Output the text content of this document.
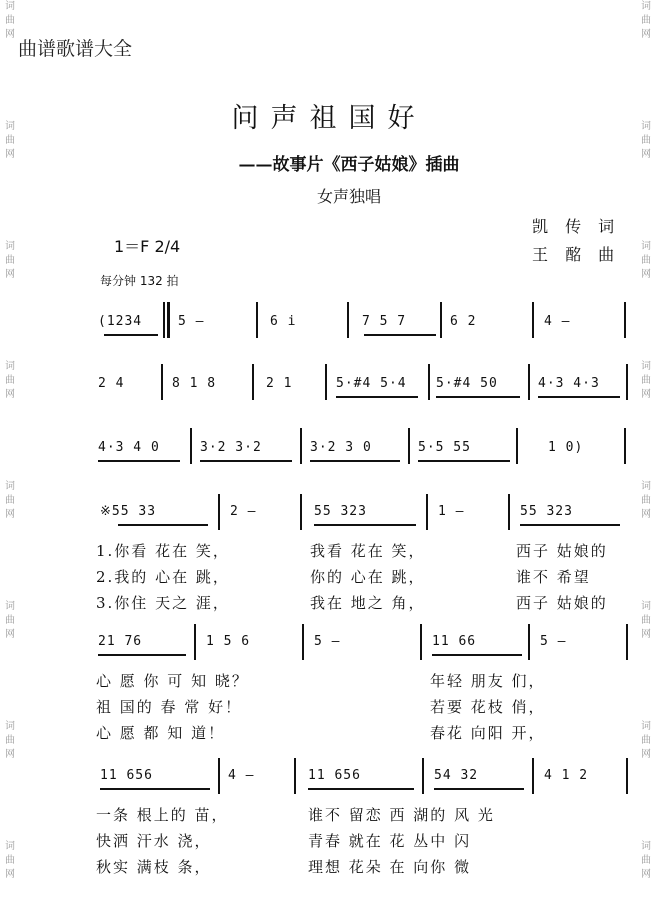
曲谱歌谱大全
问声祖国好
——故事片《西子姑娘》插曲
女声独唱
凯 传 词
王 酩 曲
1＝F 2/4
每分钟 132 拍
(1234	5 —	6 i	7 5 7	6 2	4 —
2 4	8 1 8	2 1	5·#4 5·4 5·#4 50	4·3 4·3
4·3 4 0	3·2 3·2	3·2 3 0	5·5 55	1 0)
※55 33	2 —	55 323	1 —	55 323
1.你看 花在 笑，
2.我的 心在 跳，
3.你住 天之 涯，
我看 花在 笑，
你的 心在 跳，
我在 地之 角，
西子 姑娘的
谁不 希望
西子 姑娘的
21 76	1 5 6	5 —	11 66	5 —
心 愿 你 可 知 晓？
祖 国的 春 常 好！
心 愿 都 知 道！
年轻 朋友 们，
若要 花枝 俏，
春花 向阳 开，
11 656	4 —	11 656	54 32	4 1 2
一条 根上的 苗，
快洒 汗水 浇，
秋实 满枝 条，
谁不 留恋 西 湖的 风 光
青春 就在 花 丛中 闪
理想 花朵 在 向你 微
词曲网
词曲网
词曲网
词曲网
词曲网
词曲网
词曲网
词曲网
词曲网
词曲网
词曲网
词曲网
词曲网
词曲网
词曲网
词曲网
